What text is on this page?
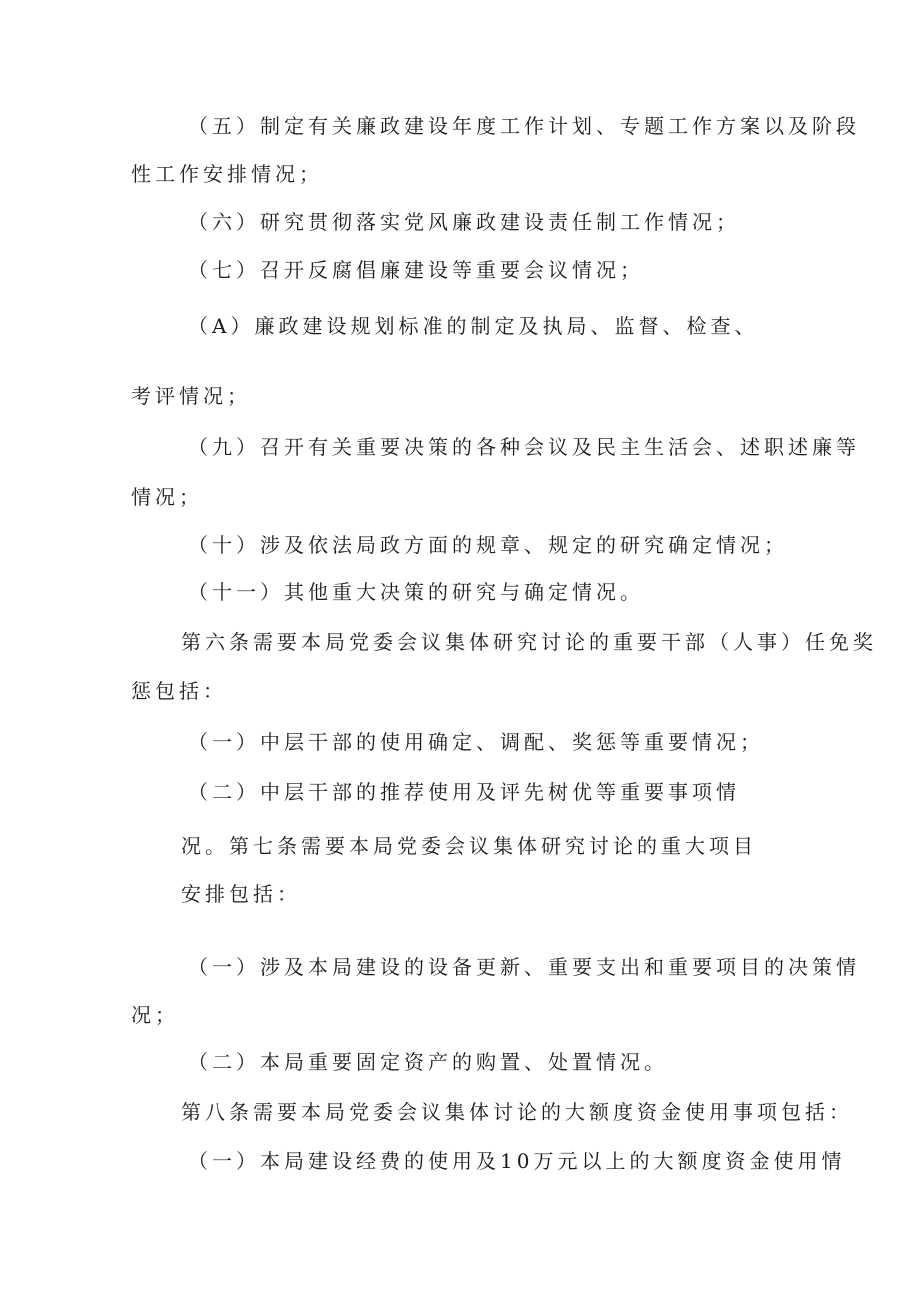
（五）制定有关廉政建设年度工作计划、专题工作方案以及阶段
性工作安排情况；
（六）研究贯彻落实党风廉政建设责任制工作情况；
（七）召开反腐倡廉建设等重要会议情况；
（A）廉政建设规划标准的制定及执局、监督、检查、
考评情况；
（九）召开有关重要决策的各种会议及民主生活会、述职述廉等
情况；
（十）涉及依法局政方面的规章、规定的研究确定情况；
（十一）其他重大决策的研究与确定情况。
第六条需要本局党委会议集体研究讨论的重要干部（人事）任免奖
惩包括：
（一）中层干部的使用确定、调配、奖惩等重要情况；
（二）中层干部的推荐使用及评先树优等重要事项情
况。第七条需要本局党委会议集体研究讨论的重大项目
安排包括：
（一）涉及本局建设的设备更新、重要支出和重要项目的决策情
况；
（二）本局重要固定资产的购置、处置情况。
第八条需要本局党委会议集体讨论的大额度资金使用事项包括：
（一）本局建设经费的使用及10万元以上的大额度资金使用情
